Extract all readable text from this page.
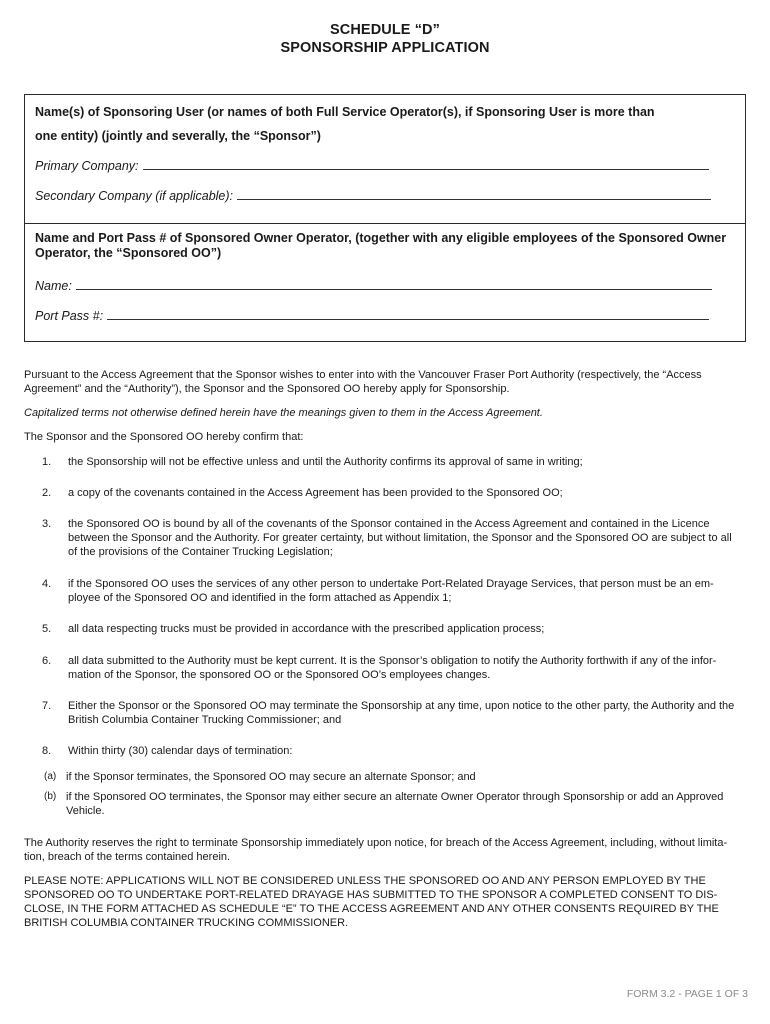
SCHEDULE “D”
SPONSORSHIP APPLICATION
Name(s) of Sponsoring User (or names of both Full Service Operator(s), if Sponsoring User is more than
one entity) (jointly and severally, the “Sponsor”)
Primary Company:
Secondary Company (if applicable):
Name and Port Pass # of Sponsored Owner Operator, (together with any eligible employees of the Sponsored Owner Operator, the “Sponsored OO”)
Name:
Port Pass #:
Pursuant to the Access Agreement that the Sponsor wishes to enter into with the Vancouver Fraser Port Authority (respectively, the “Access Agreement” and the “Authority”), the Sponsor and the Sponsored OO hereby apply for Sponsorship.
Capitalized terms not otherwise defined herein have the meanings given to them in the Access Agreement.
The Sponsor and the Sponsored OO hereby confirm that:
1. the Sponsorship will not be effective unless and until the Authority confirms its approval of same in writing;
2. a copy of the covenants contained in the Access Agreement has been provided to the Sponsored OO;
3. the Sponsored OO is bound by all of the covenants of the Sponsor contained in the Access Agreement and contained in the Licence between the Sponsor and the Authority. For greater certainty, but without limitation, the Sponsor and the Sponsored OO are subject to all of the provisions of the Container Trucking Legislation;
4. if the Sponsored OO uses the services of any other person to undertake Port-Related Drayage Services, that person must be an em-ployee of the Sponsored OO and identified in the form attached as Appendix 1;
5. all data respecting trucks must be provided in accordance with the prescribed application process;
6. all data submitted to the Authority must be kept current. It is the Sponsor’s obligation to notify the Authority forthwith if any of the infor-mation of the Sponsor, the sponsored OO or the Sponsored OO’s employees changes.
7. Either the Sponsor or the Sponsored OO may terminate the Sponsorship at any time, upon notice to the other party, the Authority and the British Columbia Container Trucking Commissioner; and
8. Within thirty (30) calendar days of termination:
(a) if the Sponsor terminates, the Sponsored OO may secure an alternate Sponsor; and
(b) if the Sponsored OO terminates, the Sponsor may either secure an alternate Owner Operator through Sponsorship or add an Approved Vehicle.
The Authority reserves the right to terminate Sponsorship immediately upon notice, for breach of the Access Agreement, including, without limita-tion, breach of the terms contained herein.
PLEASE NOTE: APPLICATIONS WILL NOT BE CONSIDERED UNLESS THE SPONSORED OO AND ANY PERSON EMPLOYED BY THE SPONSORED OO TO UNDERTAKE PORT-RELATED DRAYAGE HAS SUBMITTED TO THE SPONSOR A COMPLETED CONSENT TO DIS-CLOSE, IN THE FORM ATTACHED AS SCHEDULE “E” TO THE ACCESS AGREEMENT AND ANY OTHER CONSENTS REQUIRED BY THE BRITISH COLUMBIA CONTAINER TRUCKING COMMISSIONER.
FORM 3.2 - PAGE 1 OF 3
